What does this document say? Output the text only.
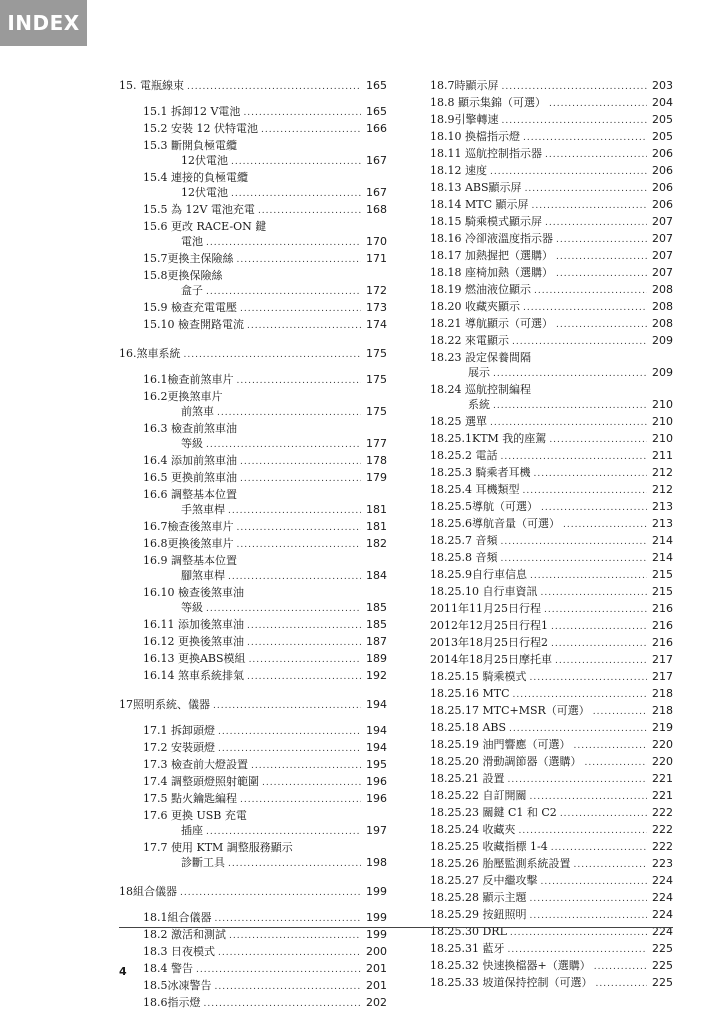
INDEX
15. 電瓶線束 .....	165
15.1 拆卸12 V電池 .....	165
15.2 安裝 12 伏特電池 .....	166
15.3 斷開負極電纜
12伏電池 .....	167
15.4 連接的負極電纜
12伏電池 .....	167
15.5 為 12V 電池充電 .....	168
15.6 更改 RACE-ON 鍵
電池 .....	170
15.7更換主保險絲 .....	171
15.8更換保險絲
盒子 .....	172
15.9 檢查充電電壓 .....	173
15.10 檢查開路電流 .....	174
16.煞車系統 .....	175
16.1檢查前煞車片 .....	175
16.2更換煞車片
前煞車 .....	175
16.3 檢查前煞車油
等級 .....	177
16.4 添加前煞車油 .....	178
16.5 更換前煞車油 .....	179
16.6 調整基本位置
手煞車桿 .....	181
16.7檢查後煞車片 .....	181
16.8更換後煞車片 .....	182
16.9 調整基本位置
腳煞車桿 .....	184
16.10 檢查後煞車油
等級 .....	185
16.11 添加後煞車油 .....	185
16.12 更換後煞車油 .....	187
16.13 更換ABS模組 .....	189
16.14 煞車系統排氣 .....	192
17照明系統、儀器 .....	194
17.1 拆卸頭燈 .....	194
17.2 安裝頭燈 .....	194
17.3 檢查前大燈設置 .....	195
17.4 調整頭燈照射範圍 .....	196
17.5 點火鑰匙編程 .....	196
17.6 更換 USB 充電
插座 .....	197
17.7 使用 KTM 調整服務顯示
診斷工具 .....	198
18組合儀器 .....	199
18.1組合儀器 .....	199
18.2 激活和測試 .....	199
18.3 日夜模式 .....	200
18.4 警告 .....	201
18.5冰凍警告 .....	201
18.6指示燈 .....	202
18.7時顯示屏 .....	203
18.8 顯示集錦（可選） .....	204
18.9引擎轉速 .....	205
18.10 換檔指示燈 .....	205
18.11 巡航控制指示器 .....	206
18.12 速度 .....	206
18.13 ABS顯示屏 .....	206
18.14 MTC 顯示屏 .....	206
18.15 騎乘模式顯示屏 .....	207
18.16 冷卻液溫度指示器 .....	207
18.17 加熱握把（選購） .....	207
18.18 座椅加熱（選購） .....	207
18.19 燃油液位顯示 .....	208
18.20 收藏夾顯示 .....	208
18.21 導航顯示（可選） .....	208
18.22 來電顯示 .....	209
18.23 設定保養間隔
展示 .....	209
18.24 巡航控制編程
系統 .....	210
18.25 選單 .....	210
18.25.1KTM 我的座駕 .....	210
18.25.2 電話 .....	211
18.25.3 騎乘者耳機 .....	212
18.25.4 耳機類型 .....	212
18.25.5導航（可選） .....	213
18.25.6導航音量（可選） .....	213
18.25.7 音頻 .....	214
18.25.8 音頻 .....	214
18.25.9自行車信息 .....	215
18.25.10 自行車資訊 .....	215
2011年11月25日行程 .....	216
2012年12月25日行程1 .....	216
2013年18月25日行程2 .....	216
2014年18月25日摩托車 .....	217
18.25.15 騎乘模式 .....	217
18.25.16 MTC .....	218
18.25.17 MTC+MSR（可選） .....	218
18.25.18 ABS .....	219
18.25.19 油門響應（可選） .....	220
18.25.20 滑動調節器（選購） .....	220
18.25.21 設置 .....	221
18.25.22 自訂開關 .....	221
18.25.23 關鍵 C1 和 C2 .....	222
18.25.24 收藏夾 .....	222
18.25.25 收藏指標 1-4 .....	222
18.25.26 胎壓監測系統設置 .....	223
18.25.27 反中繼攻擊 .....	224
18.25.28 顯示主題 .....	224
18.25.29 按鈕照明 .....	224
18.25.30 DRL .....	224
18.25.31 藍牙 .....	225
18.25.32 快速換檔器+（選購） .....	225
18.25.33 坡道保持控制（可選） .....	225
4
